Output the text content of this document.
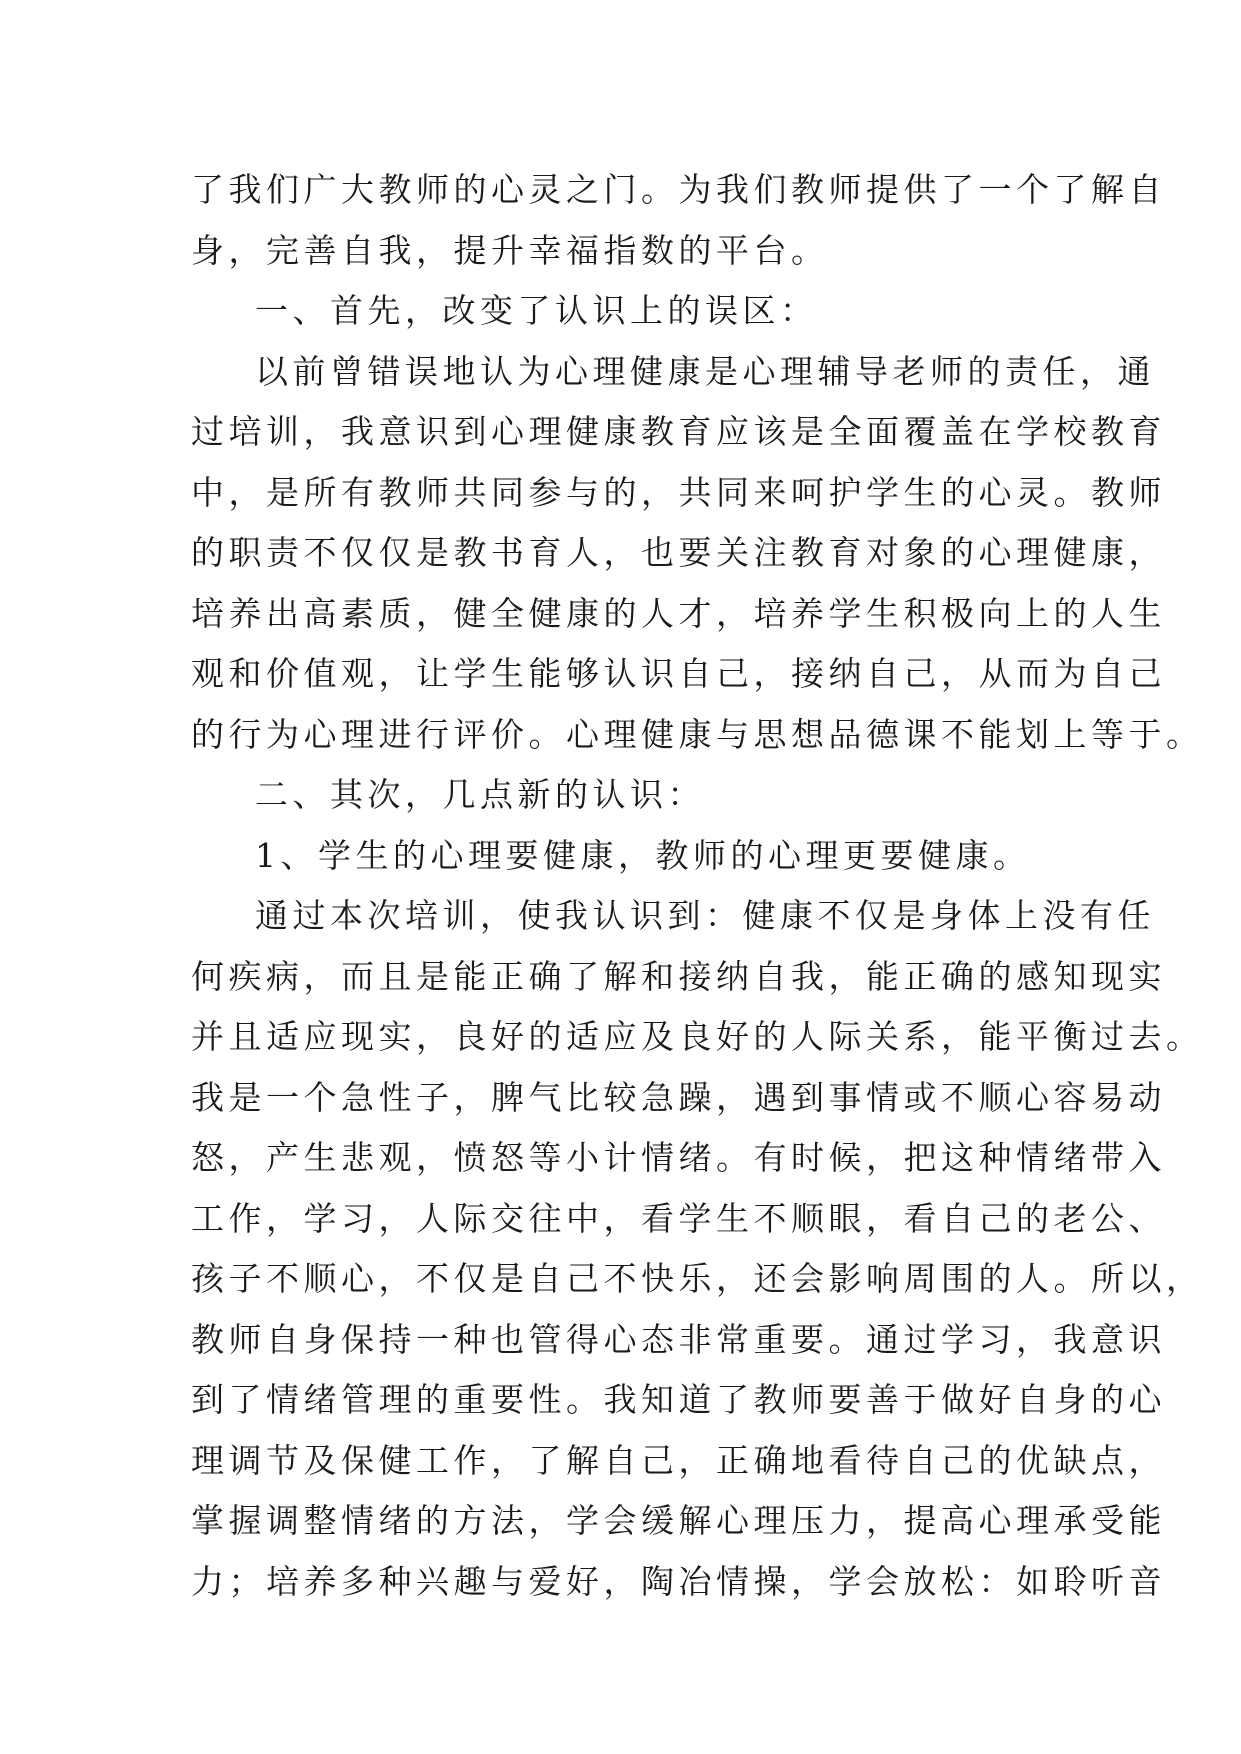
了我们广大教师的心灵之门。为我们教师提供了一个了解自
身，完善自我，提升幸福指数的平台。
一、首先，改变了认识上的误区：
以前曾错误地认为心理健康是心理辅导老师的责任，通
过培训，我意识到心理健康教育应该是全面覆盖在学校教育
中，是所有教师共同参与的，共同来呵护学生的心灵。教师
的职责不仅仅是教书育人，也要关注教育对象的心理健康，
培养出高素质，健全健康的人才，培养学生积极向上的人生
观和价值观，让学生能够认识自己，接纳自己，从而为自己
的行为心理进行评价。心理健康与思想品德课不能划上等于。
二、其次，几点新的认识：
1、学生的心理要健康，教师的心理更要健康。
通过本次培训，使我认识到：健康不仅是身体上没有任
何疾病，而且是能正确了解和接纳自我，能正确的感知现实
并且适应现实，良好的适应及良好的人际关系，能平衡过去。
我是一个急性子，脾气比较急躁，遇到事情或不顺心容易动
怒，产生悲观，愤怒等小计情绪。有时候，把这种情绪带入
工作，学习，人际交往中，看学生不顺眼，看自己的老公、
孩子不顺心，不仅是自己不快乐，还会影响周围的人。所以，
教师自身保持一种也管得心态非常重要。通过学习，我意识
到了情绪管理的重要性。我知道了教师要善于做好自身的心
理调节及保健工作，了解自己，正确地看待自己的优缺点，
掌握调整情绪的方法，学会缓解心理压力，提高心理承受能
力；培养多种兴趣与爱好，陶冶情操，学会放松：如聆听音
